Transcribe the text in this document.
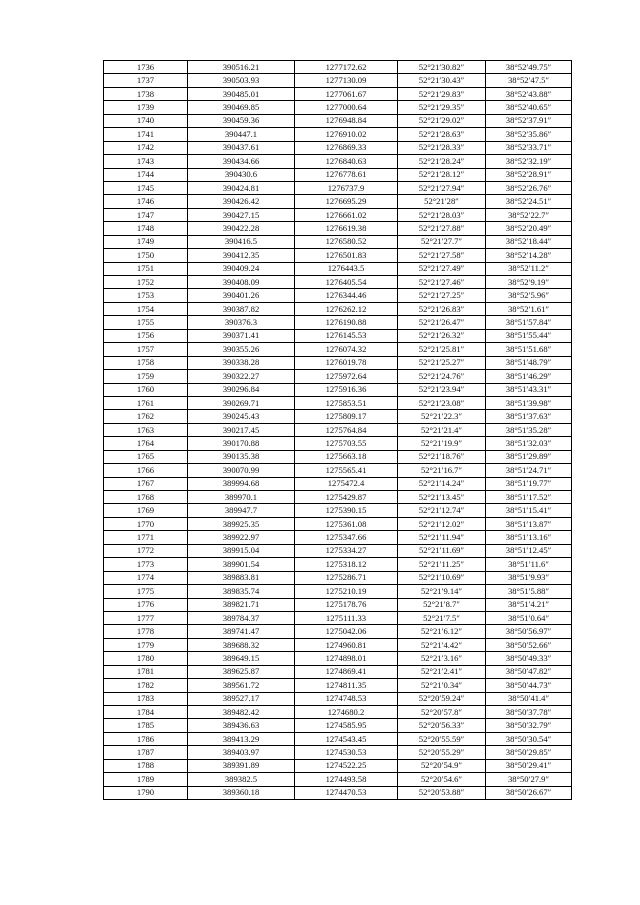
1736	390516.21	1277172.62	52°21′30.82″	38°52′49.75″
1737	390503.93	1277130.09	52°21′30.43″	38°52′47.5″
1738	390485.01	1277061.67	52°21′29.83″	38°52′43.88″
1739	390469.85	1277000.64	52°21′29.35″	38°52′40.65″
1740	390459.36	1276948.84	52°21′29.02″	38°52′37.91″
1741	390447.1	1276910.02	52°21′28.63″	38°52′35.86″
1742	390437.61	1276869.33	52°21′28.33″	38°52′33.71″
1743	390434.66	1276840.63	52°21′28.24″	38°52′32.19″
1744	390430.6	1276778.61	52°21′28.12″	38°52′28.91″
1745	390424.81	1276737.9	52°21′27.94″	38°52′26.76″
1746	390426.42	1276695.29	52°21′28″	38°52′24.51″
1747	390427.15	1276661.02	52°21′28.03″	38°52′22.7″
1748	390422.28	1276619.38	52°21′27.88″	38°52′20.49″
1749	390416.5	1276580.52	52°21′27.7″	38°52′18.44″
1750	390412.35	1276501.83	52°21′27.58″	38°52′14.28″
1751	390409.24	1276443.5	52°21′27.49″	38°52′11.2″
1752	390408.09	1276405.54	52°21′27.46″	38°52′9.19″
1753	390401.26	1276344.46	52°21′27.25″	38°52′5.96″
1754	390387.82	1276262.12	52°21′26.83″	38°52′1.61″
1755	390376.3	1276190.88	52°21′26.47″	38°51′57.84″
1756	390371.41	1276145.53	52°21′26.32″	38°51′55.44″
1757	390355.26	1276074.32	52°21′25.81″	38°51′51.68″
1758	390338.28	1276019.78	52°21′25.27″	38°51′48.79″
1759	390322.27	1275972.64	52°21′24.76″	38°51′46.29″
1760	390296.84	1275916.36	52°21′23.94″	38°51′43.31″
1761	390269.71	1275853.51	52°21′23.08″	38°51′39.98″
1762	390245.43	1275809.17	52°21′22.3″	38°51′37.63″
1763	390217.45	1275764.84	52°21′21.4″	38°51′35.28″
1764	390170.88	1275703.55	52°21′19.9″	38°51′32.03″
1765	390135.38	1275663.18	52°21′18.76″	38°51′29.89″
1766	390070.99	1275565.41	52°21′16.7″	38°51′24.71″
1767	389994.68	1275472.4	52°21′14.24″	38°51′19.77″
1768	389970.1	1275429.87	52°21′13.45″	38°51′17.52″
1769	389947.7	1275390.15	52°21′12.74″	38°51′15.41″
1770	389925.35	1275361.08	52°21′12.02″	38°51′13.87″
1771	389922.97	1275347.66	52°21′11.94″	38°51′13.16″
1772	389915.04	1275334.27	52°21′11.69″	38°51′12.45″
1773	389901.54	1275318.12	52°21′11.25″	38°51′11.6″
1774	389883.81	1275286.71	52°21′10.69″	38°51′9.93″
1775	389835.74	1275210.19	52°21′9.14″	38°51′5.88″
1776	389821.71	1275178.76	52°21′8.7″	38°51′4.21″
1777	389784.37	1275111.33	52°21′7.5″	38°51′0.64″
1778	389741.47	1275042.06	52°21′6.12″	38°50′56.97″
1779	389688.32	1274960.81	52°21′4.42″	38°50′52.66″
1780	389649.15	1274898.01	52°21′3.16″	38°50′49.33″
1781	389625.87	1274869.41	52°21′2.41″	38°50′47.82″
1782	389561.72	1274811.35	52°21′0.34″	38°50′44.73″
1783	389527.17	1274748.53	52°20′59.24″	38°50′41.4″
1784	389482.42	1274680.2	52°20′57.8″	38°50′37.78″
1785	389436.63	1274585.95	52°20′56.33″	38°50′32.79″
1786	389413.29	1274543.45	52°20′55.59″	38°50′30.54″
1787	389403.97	1274530.53	52°20′55.29″	38°50′29.85″
1788	389391.89	1274522.25	52°20′54.9″	38°50′29.41″
1789	389382.5	1274493.58	52°20′54.6″	38°50′27.9″
1790	389360.18	1274470.53	52°20′53.88″	38°50′26.67″
